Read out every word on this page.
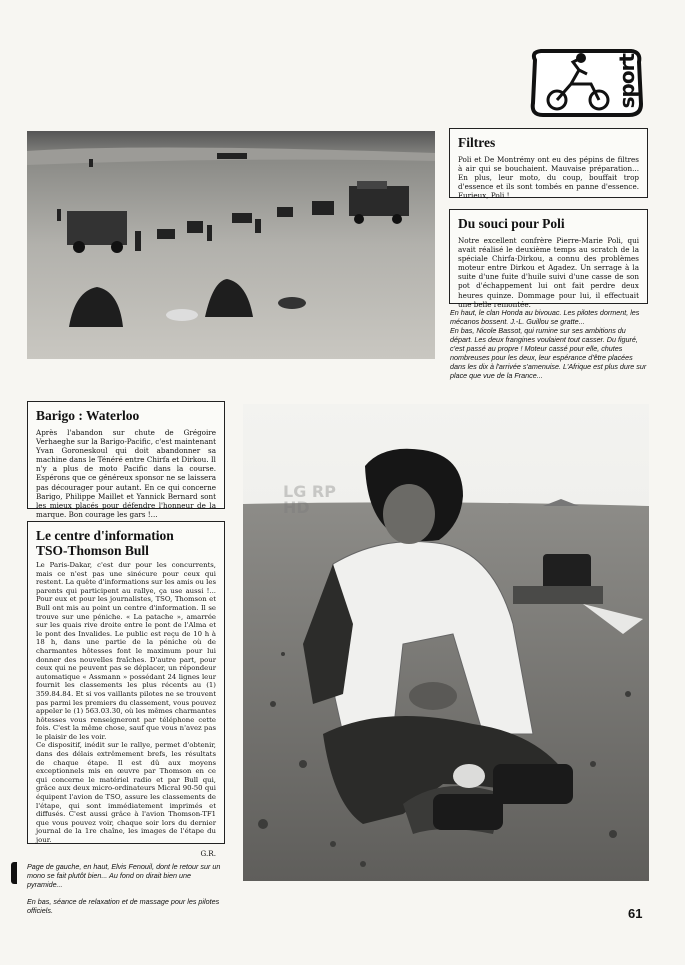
sport
Filtres

Poli et De Montrémy ont eu des pépins de filtres à air qui se bouchaient. Mauvaise préparation... En plus, leur moto, du coup, bouffait trop d'essence et ils sont tombés en panne d'essence. Furieux, Poli !

Du souci pour Poli

Notre excellent confrère Pierre-Marie Poli, qui avait réalisé le deuxième temps au scratch de la spéciale Chirfa-Dirkou, a connu des problèmes moteur entre Dirkou et Agadez. Un serrage à la suite d'une fuite d'huile suivi d'une casse de son pot d'échappement lui ont fait perdre deux heures quinze. Dommage pour lui, il effectuait une belle remontée.

En haut, le clan Honda au bivouac. Les pilotes dorment, les mécanos bossent. J.-L. Guillou se gratte...
En bas, Nicole Bassot, qui rumine sur ses ambitions du départ. Les deux frangines voulaient tout casser. Du figuré, c'est passé au propre ! Moteur cassé pour elle, chutes nombreuses pour les deux, leur espérance d'être placées dans les dix à l'arrivée s'amenuise. L'Afrique est plus dure sur place que vue de la France...
Barigo : Waterloo

Après l'abandon sur chute de Grégoire Verhaeghe sur la Barigo-Pacific, c'est maintenant Yvan Goroneskoul qui doit abandonner sa machine dans le Ténéré entre Chirfa et Dirkou. Il n'y a plus de moto Pacific dans la course. Espérons que ce généreux sponsor ne se laissera pas décourager pour autant. En ce qui concerne Barigo, Philippe Maillet et Yannick Bernard sont les mieux placés pour défendre l'honneur de la marque. Bon courage les gars !...

Le centre d'information
TSO-Thomson Bull

Le Paris-Dakar, c'est dur pour les concurrents, mais ce n'est pas une sinécure pour ceux qui restent. La quête d'informations sur les amis ou les parents qui participent au rallye, ça use aussi !... Pour eux et pour les journalistes, TSO, Thomson et Bull ont mis au point un centre d'information. Il se trouve sur une péniche. « La patache », amarrée sur les quais rive droite entre le pont de l'Alma et le pont des Invalides. Le public est reçu de 10 h à 18 h, dans une partie de la péniche où de charmantes hôtesses font le maximum pour lui donner des nouvelles fraîches. D'autre part, pour ceux qui ne peuvent pas se déplacer, un répondeur automatique « Assmann » possédant 24 lignes leur fournit les classements les plus récents au (1) 359.84.84. Et si vos vaillants pilotes ne se trouvent pas parmi les premiers du classement, vous pouvez appeler le (1) 563.03.30, où les mêmes charmantes hôtesses vous renseigneront par téléphone cette fois. C'est la même chose, sauf que vous n'avez pas le plaisir de les voir.
Ce dispositif, inédit sur le rallye, permet d'obtenir, dans des délais extrêmement brefs, les résultats de chaque étape. Il est dû aux moyens exceptionnels mis en œuvre par Thomson en ce qui concerne le matériel radio et par Bull qui, grâce aux deux micro-ordinateurs Micral 90-50 qui équipent l'avion de TSO, assure les classements de l'étape, qui sont immédiatement imprimés et diffusés. C'est aussi grâce à l'avion Thomson-TF1 que vous pouvez voir, chaque soir lors du dernier journal de la 1re chaîne, les images de l'étape du jour.

G.R.
LG RP HD
Page de gauche, en haut, Elvis Fenouil, dont le retour sur un mono se fait plutôt bien... Au fond on dirait bien une pyramide...
En bas, séance de relaxation et de massage pour les pilotes officiels.	61
